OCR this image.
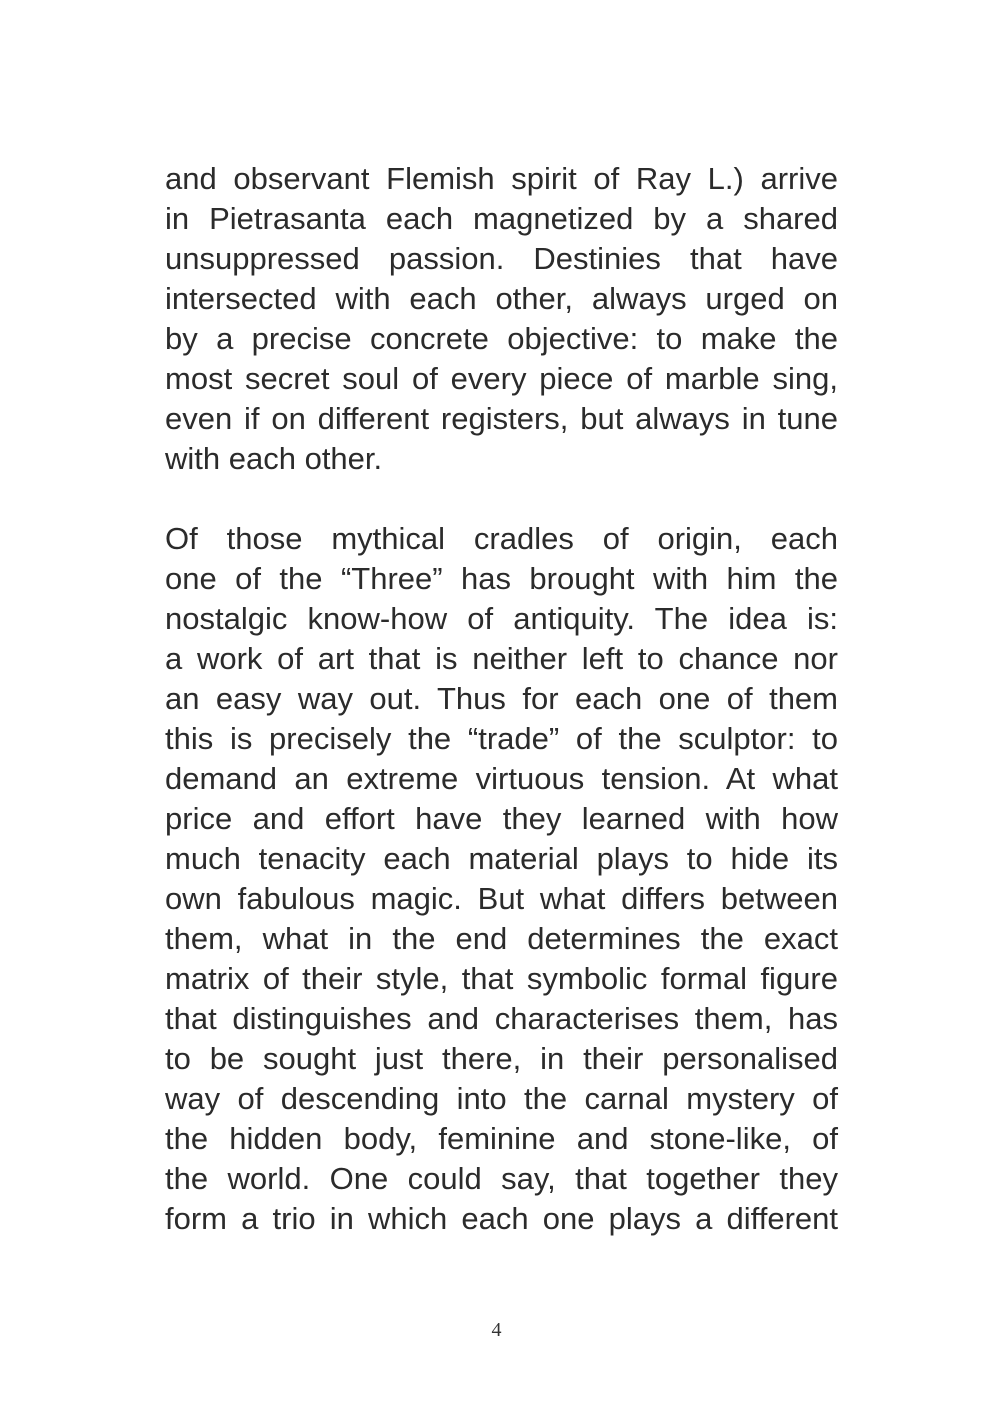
and observant Flemish spirit of Ray L.) arrive
in Pietrasanta each magnetized by a shared
unsuppressed passion. Destinies that have
intersected with each other, always urged on
by a precise concrete objective: to make the
most secret soul of every piece of marble sing,
even if on different registers, but always in tune
with each other.
Of those mythical cradles of origin, each
one of the “Three” has brought with him the
nostalgic know-how of antiquity. The idea is:
a work of art that is neither left to chance nor
an easy way out. Thus for each one of them
this is precisely the “trade” of the sculptor: to
demand an extreme virtuous tension. At what
price and effort have they learned with how
much tenacity each material plays to hide its
own fabulous magic. But what differs between
them, what in the end determines the exact
matrix of their style, that symbolic formal figure
that distinguishes and characterises them, has
to be sought just there, in their personalised
way of descending into the carnal mystery of
the hidden body, feminine and stone-like, of
the world. One could say, that together they
form a trio in which each one plays a different
4
